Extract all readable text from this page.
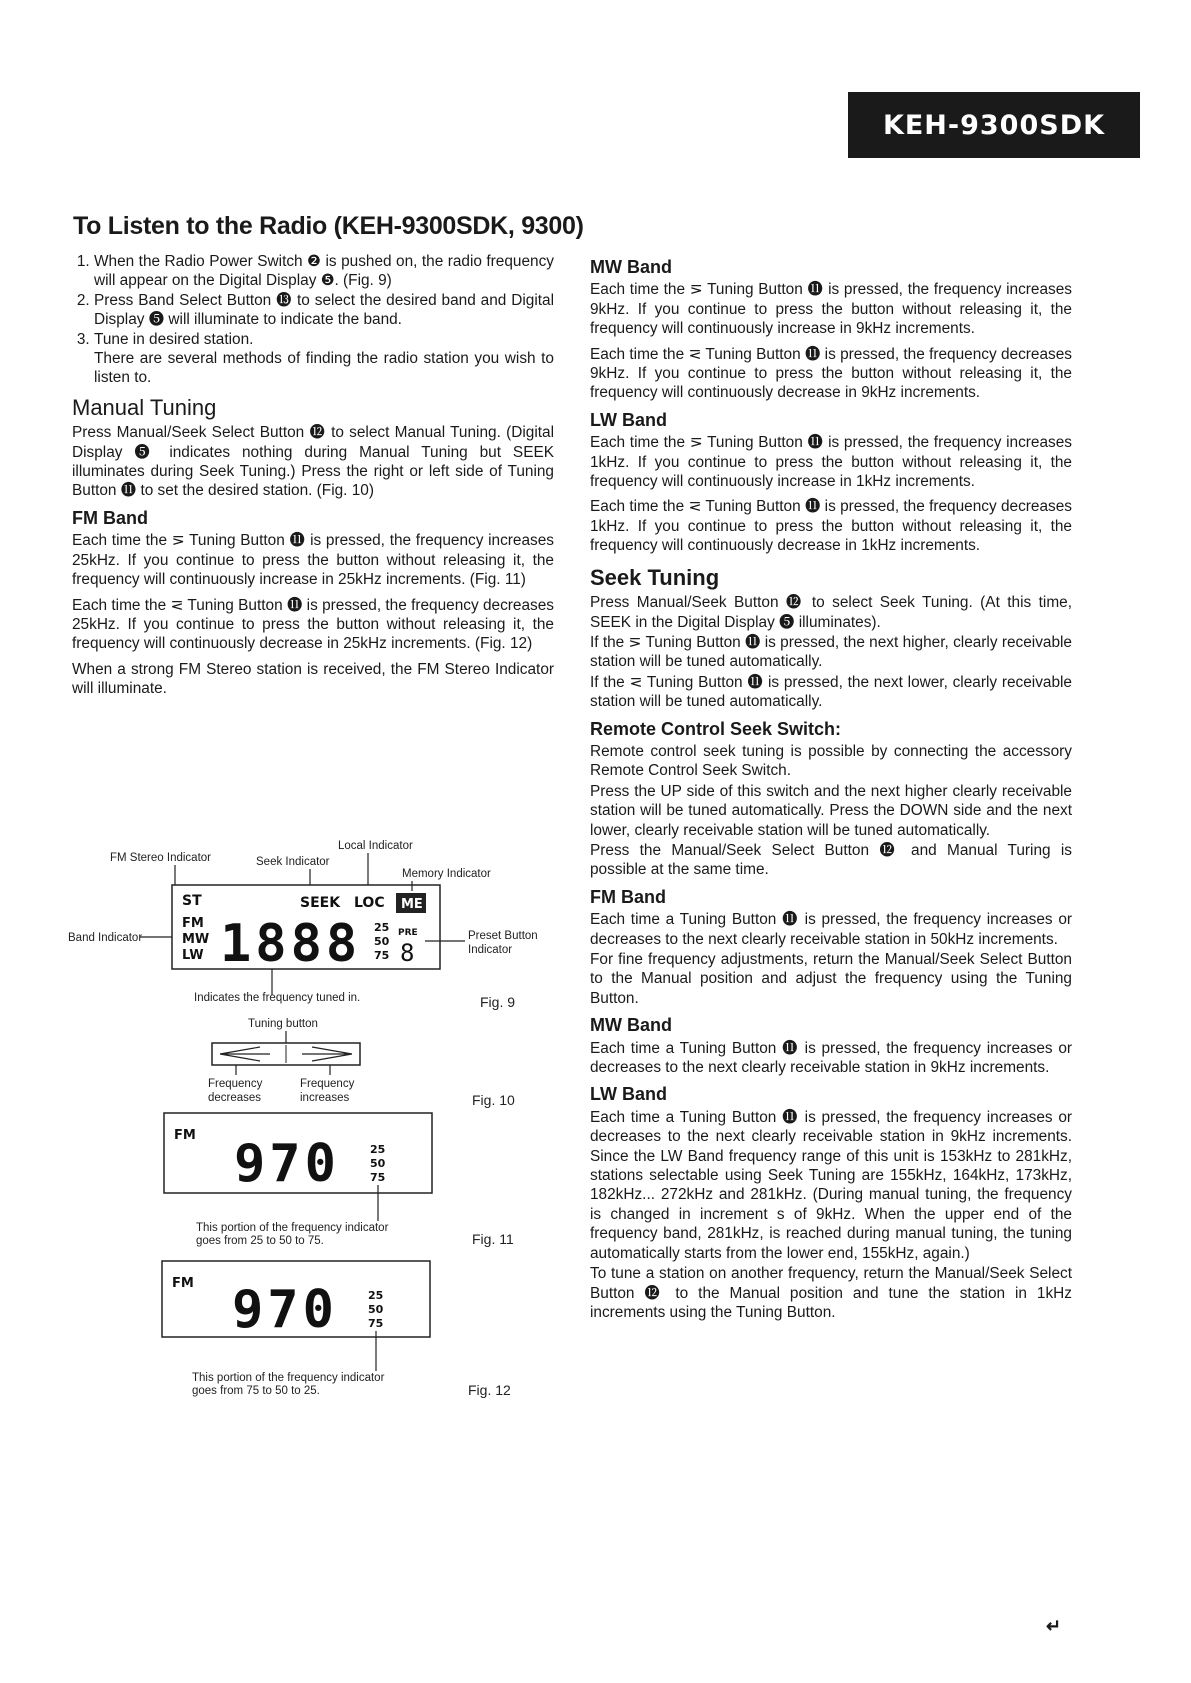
KEH-9300SDK
To Listen to the Radio (KEH-9300SDK, 9300)
1. When the Radio Power Switch ❷ is pushed on, the radio frequency will appear on the Digital Display ❺. (Fig. 9)
2. Press Band Select Button ⓭ to select the desired band and Digital Display ❺ will illuminate to indicate the band.
3. Tune in desired station.
There are several methods of finding the radio station you wish to listen to.
Manual Tuning

Press Manual/Seek Select Button ⓬ to select Manual Tuning. (Digital Display ❺ indicates nothing during Manual Tuning but SEEK illuminates during Seek Tuning.) Press the right or left side of Tuning Button ⓫ to set the desired station. (Fig. 10)

FM Band

Each time the ⋝ Tuning Button ⓫ is pressed, the frequency increases 25kHz. If you continue to press the button without releasing it, the frequency will continuously increase in 25kHz increments. (Fig. 11)

Each time the ⋜ Tuning Button ⓫ is pressed, the frequency decreases 25kHz. If you continue to press the button without releasing it, the frequency will continuously decrease in 25kHz increments. (Fig. 12)

When a strong FM Stereo station is received, the FM Stereo Indicator will illuminate.

Local Indicator
FM Stereo Indicator	Seek Indicator
Memory Indicator
ST	SEEK LOC ME
FM
MW
LW 1888 25
50
75
PRE
8
Band Indicator	Preset Button
Indicator
Indicates the frequency tuned in.	Fig. 9
Tuning button
Frequency
decreases
Frequency
increases	Fig. 10
FM 970	25
50
75
This portion of the frequency indicator
goes from 25 to 50 to 75.	Fig. 11
FM 970	25
50
75
This portion of the frequency indicator
goes from 75 to 50 to 25.	Fig. 12
MW Band

Each time the ⋝ Tuning Button ⓫ is pressed, the frequency increases 9kHz. If you continue to press the button without releasing it, the frequency will continuously increase in 9kHz increments.

Each time the ⋜ Tuning Button ⓫ is pressed, the frequency decreases 9kHz. If you continue to press the button without releasing it, the frequency will continuously decrease in 9kHz increments.

LW Band

Each time the ⋝ Tuning Button ⓫ is pressed, the frequency increases 1kHz. If you continue to press the button without releasing it, the frequency will continuously increase in 1kHz increments.

Each time the ⋜ Tuning Button ⓫ is pressed, the frequency decreases 1kHz. If you continue to press the button without releasing it, the frequency will continuously decrease in 1kHz increments.

Seek Tuning

Press Manual/Seek Button ⓬ to select Seek Tuning. (At this time, SEEK in the Digital Display ❺ illuminates).

If the ⋝ Tuning Button ⓫ is pressed, the next higher, clearly receivable station will be tuned automatically.

If the ⋜ Tuning Button ⓫ is pressed, the next lower, clearly receivable station will be tuned automatically.

Remote Control Seek Switch:

Remote control seek tuning is possible by connecting the accessory Remote Control Seek Switch.

Press the UP side of this switch and the next higher clearly receivable station will be tuned automatically. Press the DOWN side and the next lower, clearly receivable station will be tuned automatically.

Press the Manual/Seek Select Button ⓬ and Manual Turing is possible at the same time.

FM Band

Each time a Tuning Button ⓫ is pressed, the frequency increases or decreases to the next clearly receivable station in 50kHz increments.

For fine frequency adjustments, return the Manual/Seek Select Button to the Manual position and adjust the frequency using the Tuning Button.

MW Band

Each time a Tuning Button ⓫ is pressed, the frequency increases or decreases to the next clearly receivable station in 9kHz increments.

LW Band

Each time a Tuning Button ⓫ is pressed, the frequency increases or decreases to the next clearly receivable station in 9kHz increments. Since the LW Band frequency range of this unit is 153kHz to 281kHz, stations selectable using Seek Tuning are 155kHz, 164kHz, 173kHz, 182kHz... 272kHz and 281kHz. (During manual tuning, the frequency is changed in increment s of 9kHz. When the upper end of the frequency band, 281kHz, is reached during manual tuning, the tuning automatically starts from the lower end, 155kHz, again.)

To tune a station on another frequency, return the Manual/Seek Select Button ⓬ to the Manual position and tune the station in 1kHz increments using the Tuning Button.

↵
